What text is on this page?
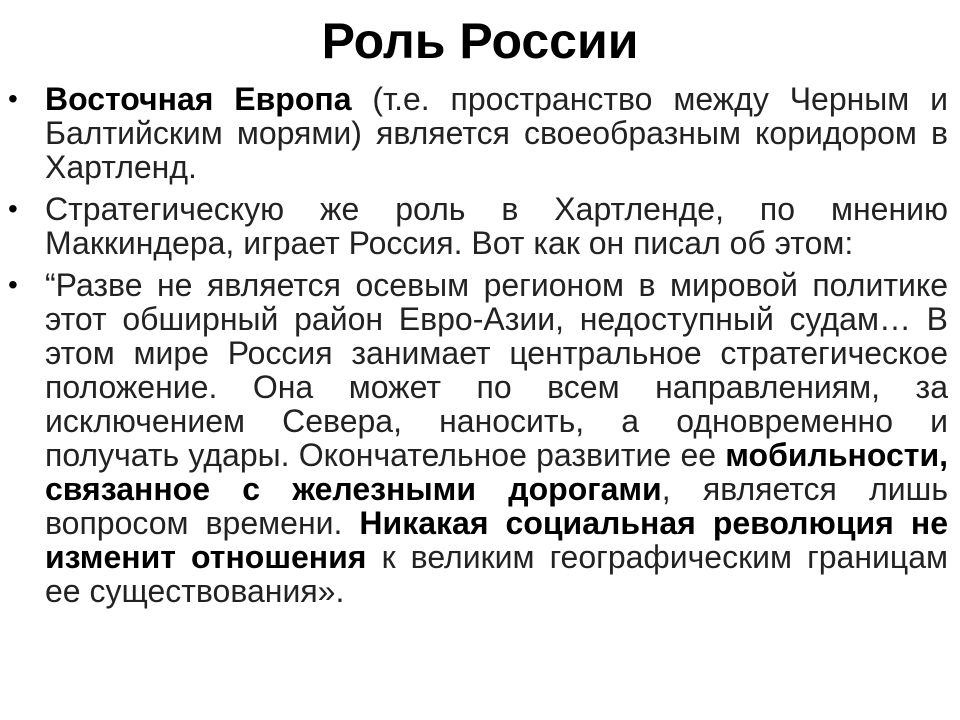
Роль России
• Восточная Европа (т.е. пространство между Черным и Балтийским морями) является своеобразным коридором в Хартленд.
• Стратегическую же роль в Хартленде, по мнению Маккиндера, играет Россия. Вот как он писал об этом:
• “Разве не является осевым регионом в мировой политике этот обширный район Евро-Азии, недоступный судам… В этом мире Россия занимает центральное стратегическое положение. Она может по всем направлениям, за исключением Севера, наносить, а одновременно и получать удары. Окончательное развитие ее мобильности, связанное с железными дорогами, является лишь вопросом времени. Никакая социальная революция не изменит отношения к великим географическим границам ее существования».
